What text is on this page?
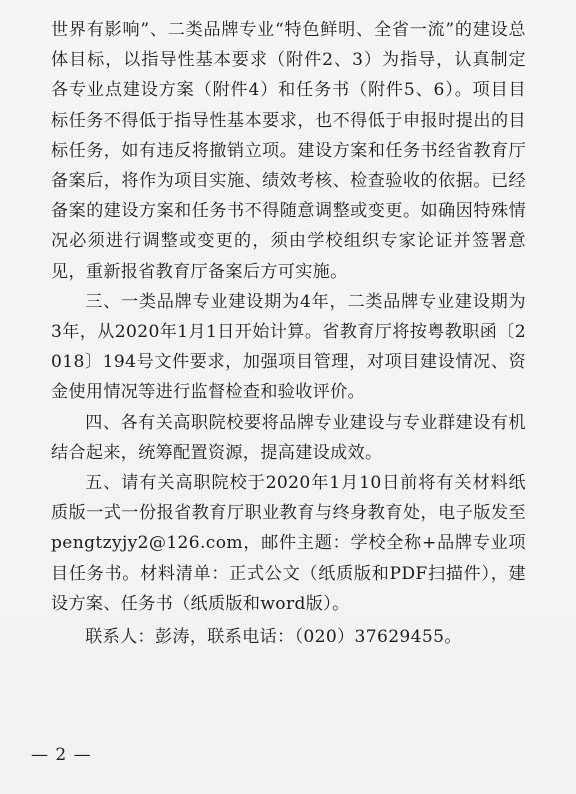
世界有影响”、二类品牌专业“特色鲜明、全省一流”的建设总体目标，以指导性基本要求（附件2、3）为指导，认真制定各专业点建设方案（附件4）和任务书（附件5、6）。项目目标任务不得低于指导性基本要求，也不得低于申报时提出的目标任务，如有违反将撤销立项。建设方案和任务书经省教育厅备案后，将作为项目实施、绩效考核、检查验收的依据。已经备案的建设方案和任务书不得随意调整或变更。如确因特殊情况必须进行调整或变更的，须由学校组织专家论证并签署意见，重新报省教育厅备案后方可实施。

三、一类品牌专业建设期为4年，二类品牌专业建设期为3年，从2020年1月1日开始计算。省教育厅将按粤教职函〔2018〕194号文件要求，加强项目管理，对项目建设情况、资金使用情况等进行监督检查和验收评价。

四、各有关高职院校要将品牌专业建设与专业群建设有机结合起来，统筹配置资源，提高建设成效。

五、请有关高职院校于2020年1月10日前将有关材料纸质版一式一份报省教育厅职业教育与终身教育处，电子版发至pengtzyjy2@126.com，邮件主题：学校全称+品牌专业项目任务书。材料清单：正式公文（纸质版和PDF扫描件），建设方案、任务书（纸质版和word版）。

联系人：彭涛，联系电话：（020）37629455。

— 2 —
